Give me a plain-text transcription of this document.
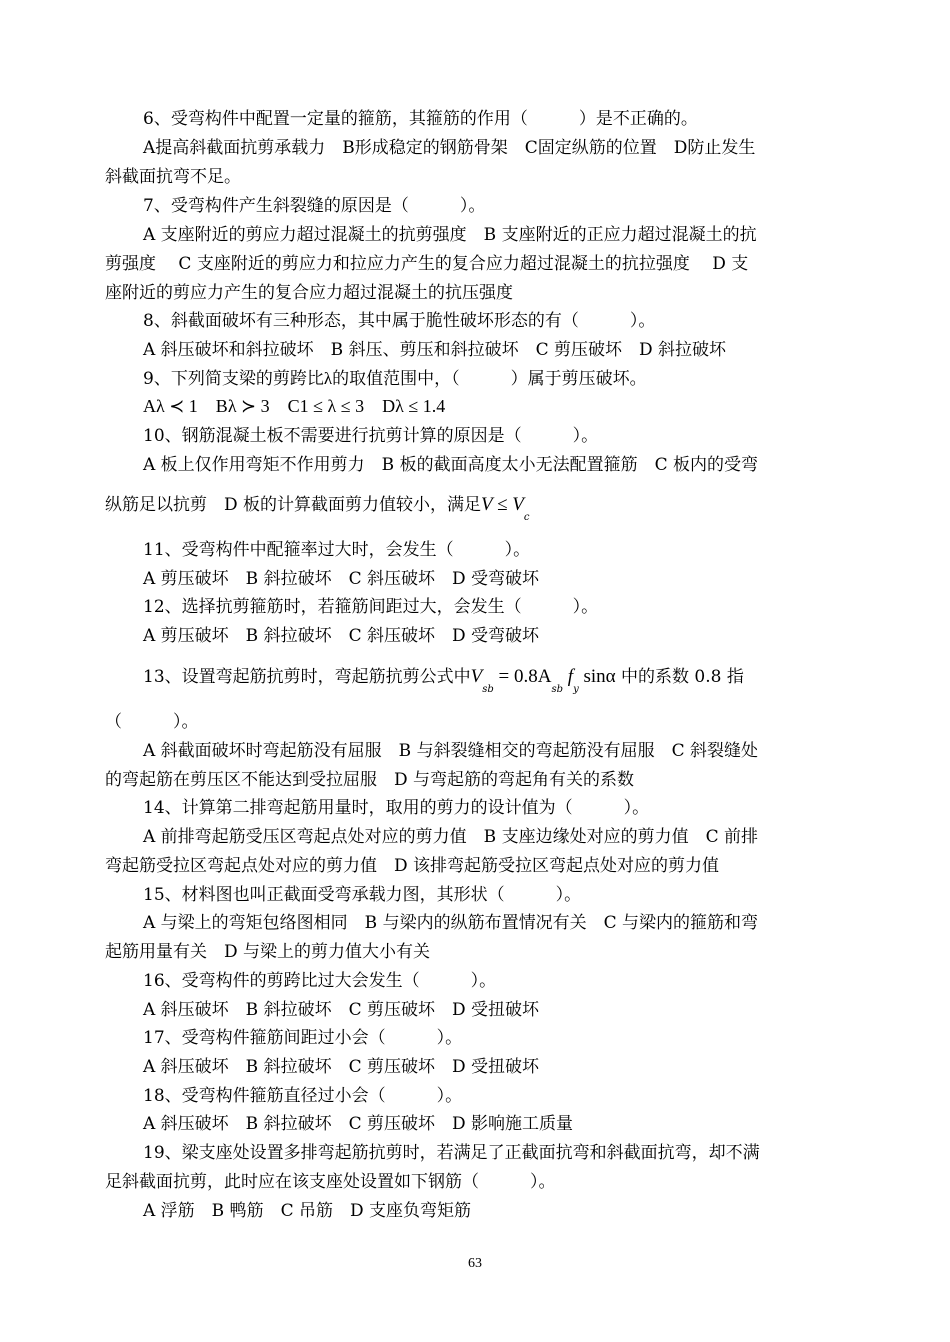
6、受弯构件中配置一定量的箍筋，其箍筋的作用（　　　）是不正确的。
A提高斜截面抗剪承载力　B形成稳定的钢筋骨架　C固定纵筋的位置　D防止发生
斜截面抗弯不足。
7、受弯构件产生斜裂缝的原因是（　　　）。
A 支座附近的剪应力超过混凝土的抗剪强度　B 支座附近的正应力超过混凝土的抗
剪强度　 C 支座附近的剪应力和拉应力产生的复合应力超过混凝土的抗拉强度　 D 支
座附近的剪应力产生的复合应力超过混凝土的抗压强度
8、斜截面破坏有三种形态，其中属于脆性破坏形态的有（　　　）。
A 斜压破坏和斜拉破坏　B 斜压、剪压和斜拉破坏　C 剪压破坏　D 斜拉破坏
9、下列简支梁的剪跨比λ的取值范围中，（　　　）属于剪压破坏。
Aλ ≺ 1　Bλ ≻ 3　C1 ≤ λ ≤ 3　Dλ ≤ 1.4
10、钢筋混凝土板不需要进行抗剪计算的原因是（　　　）。
A 板上仅作用弯矩不作用剪力　B 板的截面高度太小无法配置箍筋　C 板内的受弯
纵筋足以抗剪　D 板的计算截面剪力值较小，满足$V \le V_c$
11、受弯构件中配箍率过大时，会发生（　　　）。
A 剪压破坏　B 斜拉破坏　C 斜压破坏　D 受弯破坏
12、选择抗剪箍筋时，若箍筋间距过大，会发生（　　　）。
A 剪压破坏　B 斜拉破坏　C 斜压破坏　D 受弯破坏
13、设置弯起筋抗剪时，弯起筋抗剪公式中$V_{sb} = 0.8A_{sb}$ $f_y$ sinα 中的系数 0.8 指
（　　　）。
A 斜截面破坏时弯起筋没有屈服　B 与斜裂缝相交的弯起筋没有屈服　C 斜裂缝处
的弯起筋在剪压区不能达到受拉屈服　D 与弯起筋的弯起角有关的系数
14、计算第二排弯起筋用量时，取用的剪力的设计值为（　　　）。
A 前排弯起筋受压区弯起点处对应的剪力值　B 支座边缘处对应的剪力值　C 前排
弯起筋受拉区弯起点处对应的剪力值　D 该排弯起筋受拉区弯起点处对应的剪力值
15、材料图也叫正截面受弯承载力图，其形状（　　　）。
A 与梁上的弯矩包络图相同　B 与梁内的纵筋布置情况有关　C 与梁内的箍筋和弯
起筋用量有关　D 与梁上的剪力值大小有关
16、受弯构件的剪跨比过大会发生（　　　）。
A 斜压破坏　B 斜拉破坏　C 剪压破坏　D 受扭破坏
17、受弯构件箍筋间距过小会（　　　）。
A 斜压破坏　B 斜拉破坏　C 剪压破坏　D 受扭破坏
18、受弯构件箍筋直径过小会（　　　）。
A 斜压破坏　B 斜拉破坏　C 剪压破坏　D 影响施工质量
19、梁支座处设置多排弯起筋抗剪时，若满足了正截面抗弯和斜截面抗弯，却不满
足斜截面抗剪，此时应在该支座处设置如下钢筋（　　　）。
A 浮筋　B 鸭筋　C 吊筋　D 支座负弯矩筋
63
